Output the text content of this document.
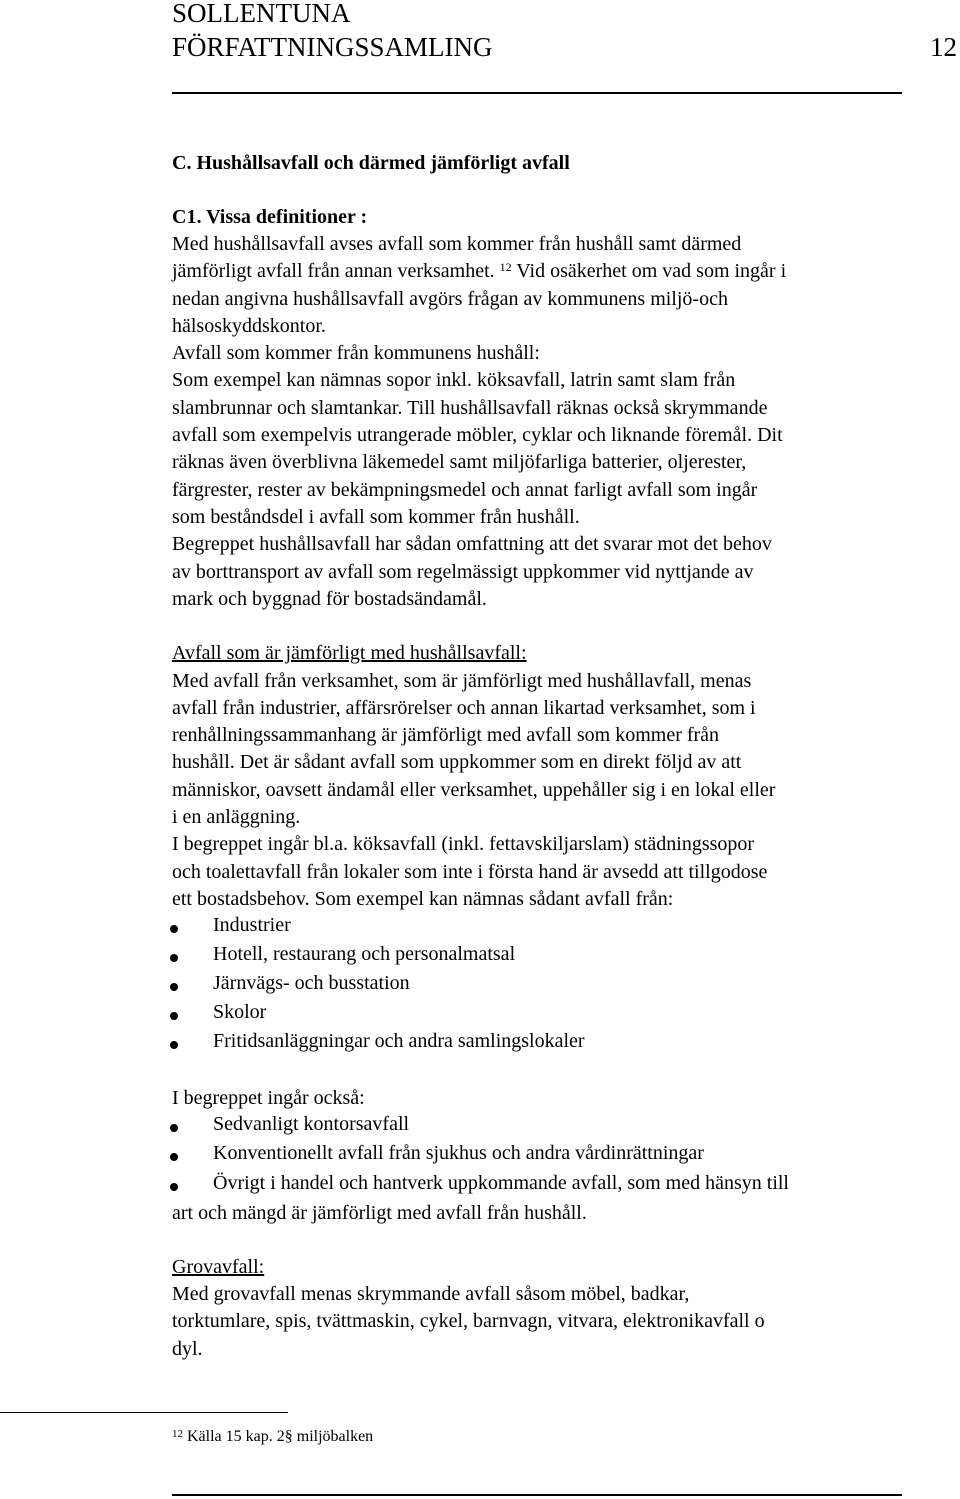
SOLLENTUNA
FÖRFATTNINGSSAMLING	12
C. Hushållsavfall och därmed jämförligt avfall
C1. Vissa definitioner :
Med hushållsavfall avses avfall som kommer från hushåll samt därmed
jämförligt avfall från annan verksamhet. $^{12}$ Vid osäkerhet om vad som ingår i
nedan angivna hushållsavfall avgörs frågan av kommunens miljö-och
hälsoskyddskontor.
Avfall som kommer från kommunens hushåll:
Som exempel kan nämnas sopor inkl. köksavfall, latrin samt slam från
slambrunnar och slamtankar. Till hushållsavfall räknas också skrymmande
avfall som exempelvis utrangerade möbler, cyklar och liknande föremål. Dit
räknas även överblivna läkemedel samt miljöfarliga batterier, oljerester,
färgrester, rester av bekämpningsmedel och annat farligt avfall som ingår
som beståndsdel i avfall som kommer från hushåll.
Begreppet hushållsavfall har sådan omfattning att det svarar mot det behov
av borttransport av avfall som regelmässigt uppkommer vid nyttjande av
mark och byggnad för bostadsändamål.
Avfall som är jämförligt med hushållsavfall:
Med avfall från verksamhet, som är jämförligt med hushållavfall, menas
avfall från industrier, affärsrörelser och annan likartad verksamhet, som i
renhållningssammanhang är jämförligt med avfall som kommer från
hushåll. Det är sådant avfall som uppkommer som en direkt följd av att
människor, oavsett ändamål eller verksamhet, uppehåller sig i en lokal eller
i en anläggning.
I begreppet ingår bl.a. köksavfall (inkl. fettavskiljarslam) städningssopor
och toalettavfall från lokaler som inte i första hand är avsedd att tillgodose
ett bostadsbehov. Som exempel kan nämnas sådant avfall från:
Industrier
Hotell, restaurang och personalmatsal
Järnvägs- och busstation
Skolor
Fritidsanläggningar och andra samlingslokaler
I begreppet ingår också:
Sedvanligt kontorsavfall
Konventionellt avfall från sjukhus och andra vårdinrättningar
Övrigt i handel och hantverk uppkommande avfall, som med hänsyn till
art och mängd är jämförligt med avfall från hushåll.
Grovavfall:
Med grovavfall menas skrymmande avfall såsom möbel, badkar,
torktumlare, spis, tvättmaskin, cykel, barnvagn, vitvara, elektronikavfall o
dyl.
$^{12}$ Källa 15 kap. 2§ miljöbalken
